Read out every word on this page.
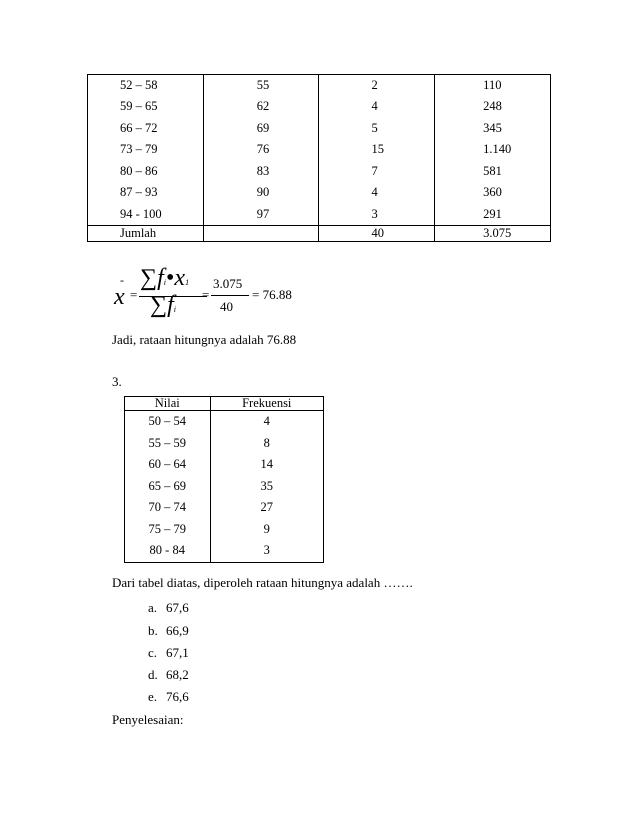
52 – 58	55	2	110
59 – 65	62	4	248
66 – 72	69	5	345
73 – 79	76	15	1.140
80 – 86	83	7	581
87 – 93	90	4	360
94 - 100	97	3	291
Jumlah		40	3.075
-
x =
∑fi•x1
∑fi
=
3.075
40
= 76.88
Jadi, rataan hitungnya adalah 76.88
3.
Nilai	Frekuensi
50 – 54	4
55 – 59	8
60 – 64	14
65 – 69	35
70 – 74	27
75 – 79	9
80 - 84	3
Dari tabel diatas, diperoleh rataan hitungnya adalah …….
a. 67,6
b. 66,9
c. 67,1
d. 68,2
e. 76,6
Penyelesaian:
